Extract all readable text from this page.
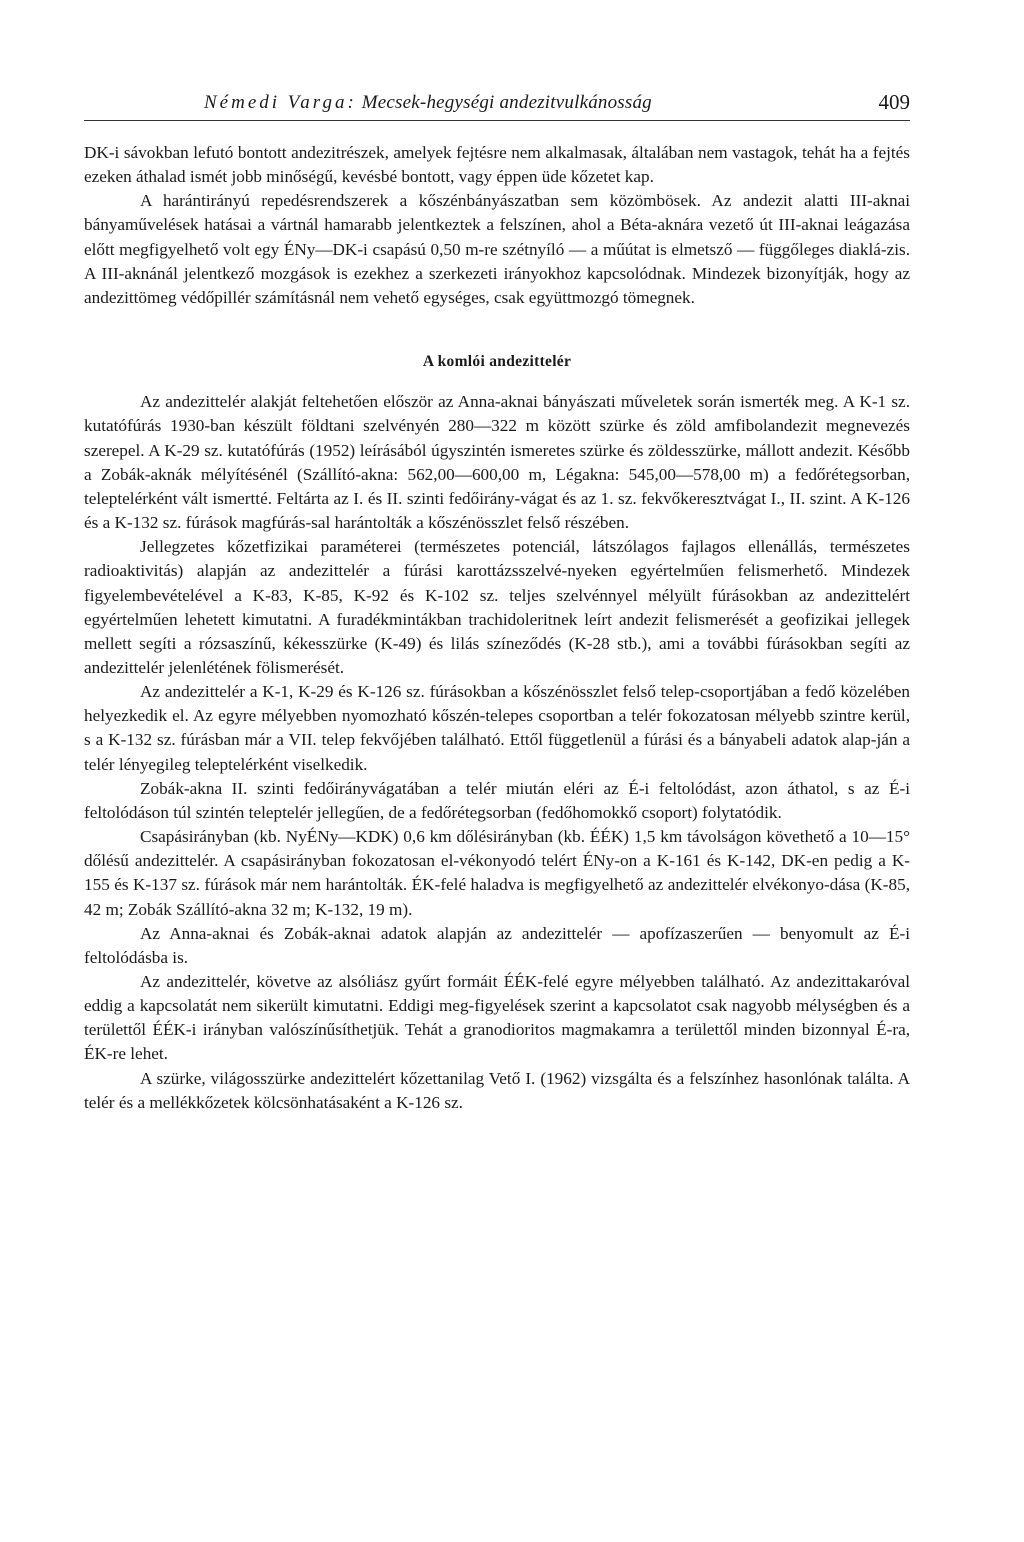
Némedi Varga: Mecsek-hegységi andezitvulkánosság	409

DK-i sávokban lefutó bontott andezitrészek, amelyek fejtésre nem alkalmasak, általában nem vastagok, tehát ha a fejtés ezeken áthalad ismét jobb minőségű, kevésbé bontott, vagy éppen üde kőzetet kap.

A harántirányú repedésrendszerek a kőszénbányászatban sem közömbösek. Az andezit alatti III-aknai bányaművelések hatásai a vártnál hamarabb jelentkeztek a felszínen, ahol a Béta-aknára vezető út III-aknai leágazása előtt megfigyelhető volt egy ÉNy—DK-i csapású 0,50 m-re szétnyíló — a műútat is elmetsző — függőleges diaklá-zis. A III-aknánál jelentkező mozgások is ezekhez a szerkezeti irányokhoz kapcsolódnak. Mindezek bizonyítják, hogy az andezittömeg védőpillér számításnál nem vehető egységes, csak együttmozgó tömegnek.

A komlói andezittelér

Az andezittelér alakját feltehetően először az Anna-aknai bányászati műveletek során ismerték meg. A K-1 sz. kutatófúrás 1930-ban készült földtani szelvényén 280—322 m között szürke és zöld amfibolandezit megnevezés szerepel. A K-29 sz. kutatófúrás (1952) leírásából úgyszintén ismeretes szürke és zöldesszürke, mállott andezit. Később a Zobák-aknák mélyítésénél (Szállító-akna: 562,00—600,00 m, Légakna: 545,00—578,00 m) a fedőrétegsorban, teleptelérként vált ismertté. Feltárta az I. és II. szinti fedőirány-vágat és az 1. sz. fekvőkeresztvágat I., II. szint. A K-126 és a K-132 sz. fúrások magfúrás-sal harántolták a kőszénösszlet felső részében.

Jellegzetes kőzetfizikai paraméterei (természetes potenciál, látszólagos fajlagos ellenállás, természetes radioaktivitás) alapján az andezittelér a fúrási karottázsszelvé-nyeken egyértelműen felismerhető. Mindezek figyelembevételével a K-83, K-85, K-92 és K-102 sz. teljes szelvénnyel mélyült fúrásokban az andezittelért egyértelműen lehetett kimutatni. A furadékmintákban trachidoleritnek leírt andezit felismerését a geofizikai jellegek mellett segíti a rózsaszínű, kékesszürke (K-49) és lilás színeződés (K-28 stb.), ami a további fúrásokban segíti az andezittelér jelenlétének fölismerését.

Az andezittelér a K-1, K-29 és K-126 sz. fúrásokban a kőszénösszlet felső telep-csoportjában a fedő közelében helyezkedik el. Az egyre mélyebben nyomozható kőszén-telepes csoportban a telér fokozatosan mélyebb szintre kerül, s a K-132 sz. fúrásban már a VII. telep fekvőjében található. Ettől függetlenül a fúrási és a bányabeli adatok alap-ján a telér lényegileg teleptelérként viselkedik.

Zobák-akna II. szinti fedőirányvágatában a telér miután eléri az É-i feltolódást, azon áthatol, s az É-i feltolódáson túl szintén teleptelér jellegűen, de a fedőrétegsorban (fedőhomokkő csoport) folytatódik.

Csapásirányban (kb. NyÉNy—KDK) 0,6 km dőlésirányban (kb. ÉÉK) 1,5 km távolságon követhető a 10—15° dőlésű andezittelér. A csapásirányban fokozatosan el-vékonyodó telért ÉNy-on a K-161 és K-142, DK-en pedig a K-155 és K-137 sz. fúrások már nem harántolták. ÉK-felé haladva is megfigyelhető az andezittelér elvékonyo-dása (K-85, 42 m; Zobák Szállító-akna 32 m; K-132, 19 m).

Az Anna-aknai és Zobák-aknai adatok alapján az andezittelér — apofízaszerűen — benyomult az É-i feltolódásba is.

Az andezittelér, követve az alsóliász gyűrt formáit ÉÉK-felé egyre mélyebben található. Az andezittakaróval eddig a kapcsolatát nem sikerült kimutatni. Eddigi meg-figyelések szerint a kapcsolatot csak nagyobb mélységben és a területtől ÉÉK-i irányban valószínűsíthetjük. Tehát a granodioritos magmakamra a területtől minden bizonnyal É-ra, ÉK-re lehet.

A szürke, világosszürke andezittelért kőzettanilag Vető I. (1962) vizsgálta és a felszínhez hasonlónak találta. A telér és a mellékkőzetek kölcsönhatásaként a K-126 sz.
